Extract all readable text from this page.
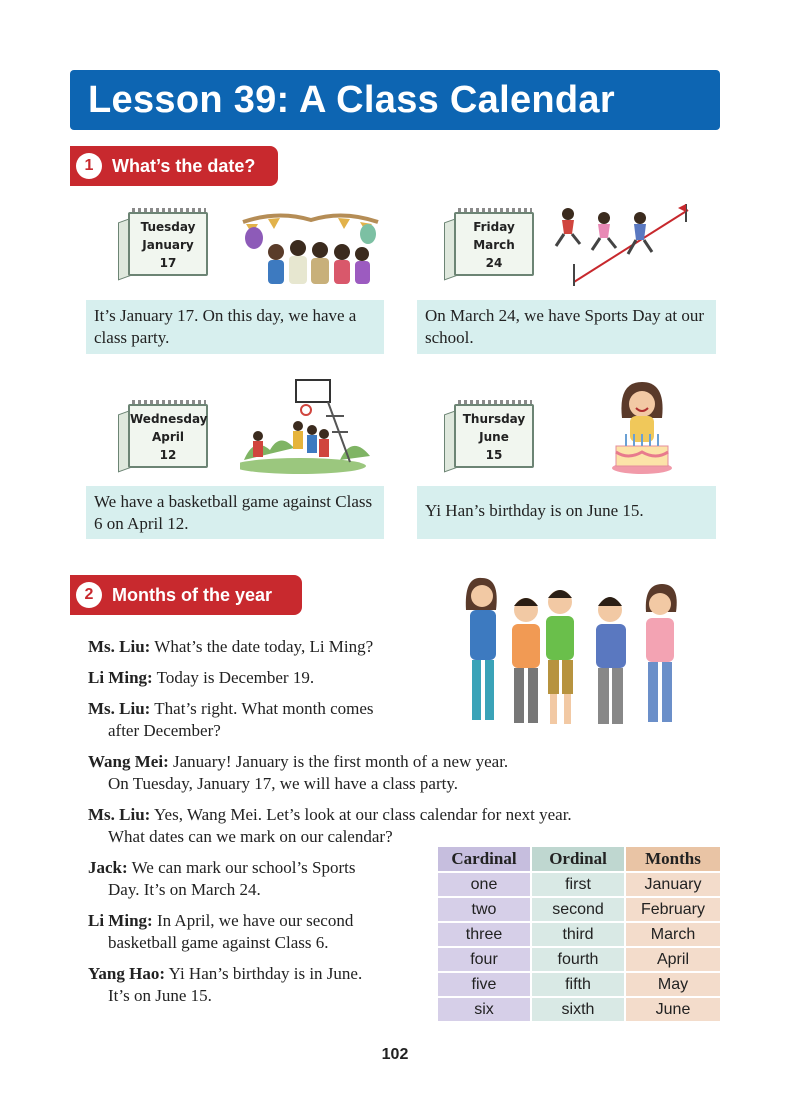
Lesson 39: A Class Calendar
1	What’s the date?
Tuesday
January
17
It’s January 17. On this day, we have a class party.
Friday
March
24
On March 24, we have Sports Day at our school.
Wednesday
April
12
We have a basketball game against Class 6 on April 12.
Thursday
June
15
Yi Han’s birthday is on June 15.
2	Months of the year

Ms. Liu: What’s the date today, Li Ming?

Li Ming: Today is December 19.

Ms. Liu: That’s right. What month comes
after December?

Wang Mei: January! January is the first month of a new year.
On Tuesday, January 17, we will have a class party.

Ms. Liu: Yes, Wang Mei. Let’s look at our class calendar for next year.
What dates can we mark on our calendar?

Jack: We can mark our school’s Sports
Day. It’s on March 24.

Li Ming: In April, we have our second
basketball game against Class 6.

Yang Hao: Yi Han’s birthday is in June.
It’s on June 15.

Cardinal	Ordinal	Months
one	first	January
two	second	February
three	third	March
four	fourth	April
five	fifth	May
six	sixth	June
102
